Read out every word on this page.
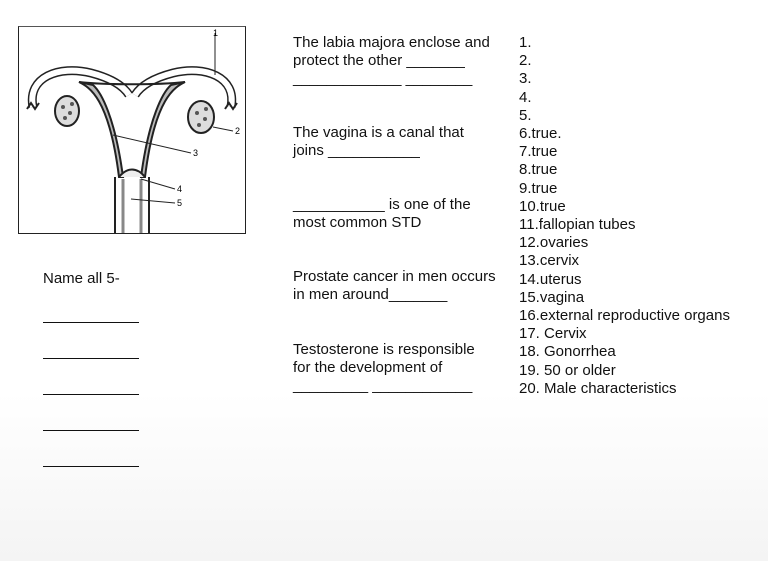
1
2
3
4
5
Name all 5-
The labia majora enclose and
protect the other _______
_____________ ________
The vagina is a canal that
joins ___________
___________ is one of the
most common STD
Prostate cancer in men occurs
in men around_______
Testosterone is responsible
for the development of
_________ ____________
1.
2.
3.
4.
5.
6.true.
7.true
8.true
9.true
10.true
11.fallopian tubes
12.ovaries
13.cervix
14.uterus
15.vagina
16.external reproductive organs
17. Cervix
18. Gonorrhea
19. 50 or older
20. Male characteristics
